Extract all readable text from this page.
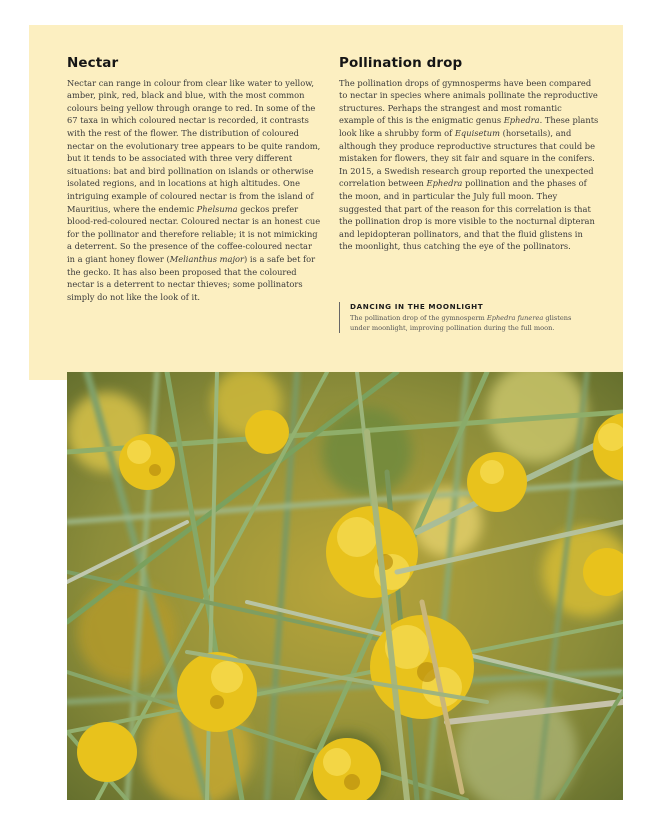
Nectar

Nectar can range in colour from clear like water to yellow, amber, pink, red, black and blue, with the most common colours being yellow through orange to red. In some of the 67 taxa in which coloured nectar is recorded, it contrasts with the rest of the flower. The distribution of coloured nectar on the evolutionary tree appears to be quite random, but it tends to be associated with three very different situations: bat and bird pollination on islands or otherwise isolated regions, and in locations at high altitudes. One intriguing example of coloured nectar is from the island of Mauritius, where the endemic Phelsuma geckos prefer blood-red-coloured nectar. Coloured nectar is an honest cue for the pollinator and therefore reliable; it is not mimicking a deterrent. So the presence of the coffee-coloured nectar in a giant honey flower (Melianthus major) is a safe bet for the gecko. It has also been proposed that the coloured nectar is a deterrent to nectar thieves; some pollinators simply do not like the look of it.

Pollination drop

The pollination drops of gymnosperms have been compared to nectar in species where animals pollinate the reproductive structures. Perhaps the strangest and most romantic example of this is the enigmatic genus Ephedra. These plants look like a shrubby form of Equisetum (horsetails), and although they produce reproductive structures that could be mistaken for flowers, they sit fair and square in the conifers. In 2015, a Swedish research group reported the unexpected correlation between Ephedra pollination and the phases of the moon, and in particular the July full moon. They suggested that part of the reason for this correlation is that the pollination drop is more visible to the nocturnal dipteran and lepidopteran pollinators, and that the fluid glistens in the moonlight, thus catching the eye of the pollinators.

DANCING IN THE MOONLIGHT
The pollination drop of the gymnosperm Ephedra funerea glistens under moonlight, improving pollination during the full moon.
